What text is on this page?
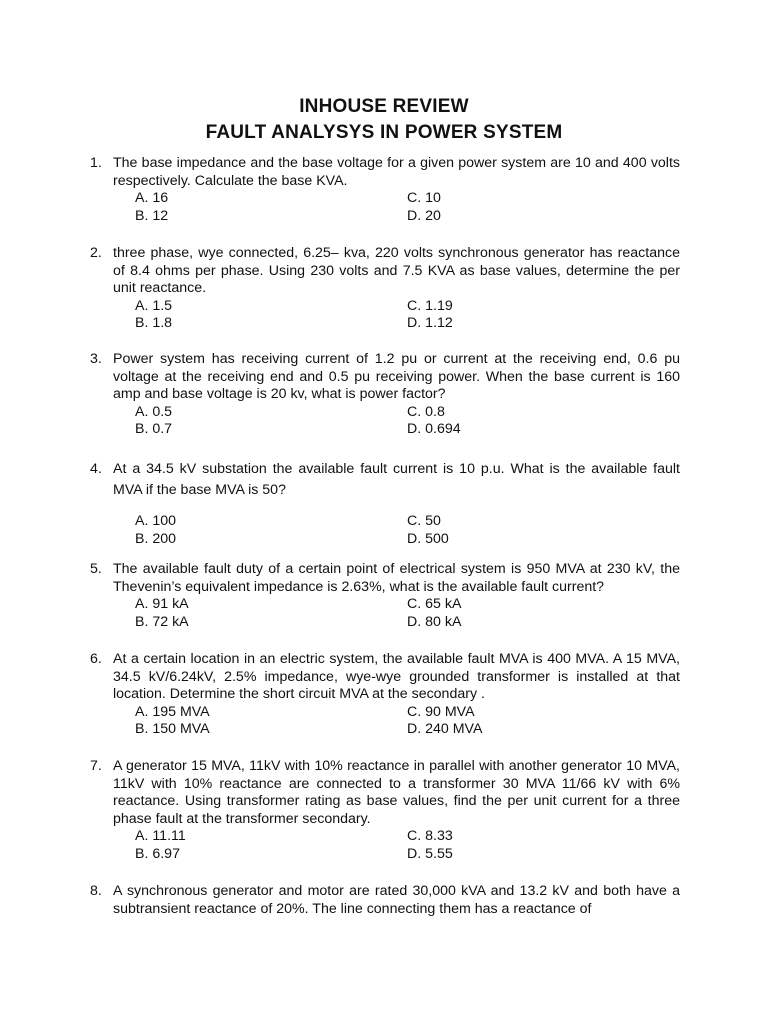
INHOUSE REVIEW
FAULT ANALYSYS IN POWER SYSTEM
1. The base impedance and the base voltage for a given power system are 10 and 400 volts respectively. Calculate the base KVA.
A. 16
B. 12
C. 10
D. 20
2. three phase, wye connected, 6.25– kva, 220 volts synchronous generator has reactance of 8.4 ohms per phase. Using 230 volts and 7.5 KVA as base values, determine the per unit reactance.
A. 1.5
B. 1.8
C. 1.19
D. 1.12
3. Power system has receiving current of 1.2 pu or current at the receiving end, 0.6 pu voltage at the receiving end and 0.5 pu receiving power. When the base current is 160 amp and base voltage is 20 kv, what is power factor?
A. 0.5
B. 0.7
C. 0.8
D. 0.694
4. At a 34.5 kV substation the available fault current is 10 p.u. What is the available fault MVA if the base MVA is 50?
A. 100
B. 200
C. 50
D. 500
5. The available fault duty of a certain point of electrical system is 950 MVA at 230 kV, the Thevenin’s equivalent impedance is 2.63%, what is the available fault current?
A. 91 kA
B. 72 kA
C. 65 kA
D. 80 kA
6. At a certain location in an electric system, the available fault MVA is 400 MVA. A 15 MVA, 34.5 kV/6.24kV, 2.5% impedance, wye-wye grounded transformer is installed at that location. Determine the short circuit MVA at the secondary .
A. 195 MVA
B. 150 MVA
C. 90 MVA
D. 240 MVA
7. A generator 15 MVA, 11kV with 10% reactance in parallel with another generator 10 MVA, 11kV with 10% reactance are connected to a transformer 30 MVA 11/66 kV with 6% reactance. Using transformer rating as base values, find the per unit current for a three phase fault at the transformer secondary.
A. 11.11
B. 6.97
C. 8.33
D. 5.55
8. A synchronous generator and motor are rated 30,000 kVA and 13.2 kV and both have a subtransient reactance of 20%. The line connecting them has a reactance of
